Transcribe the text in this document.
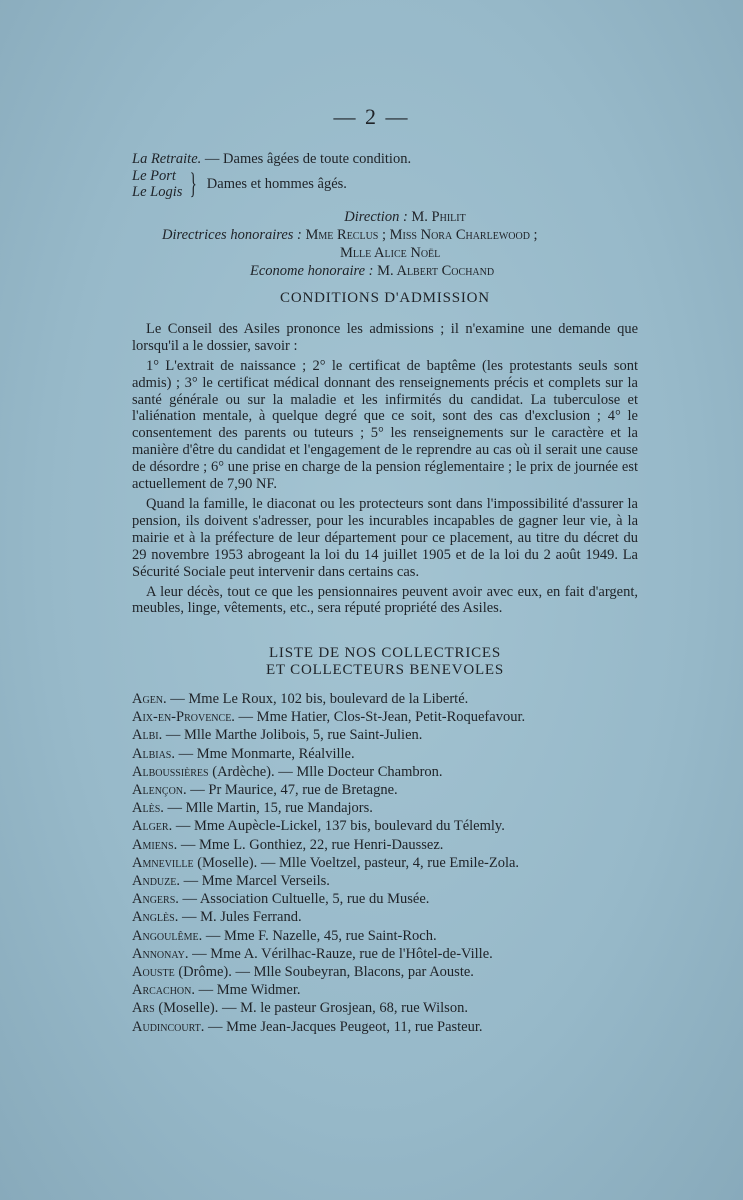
— 2 —
La Retraite. — Dames âgées de toute condition.
Le Port
Le Logis } Dames et hommes âgés.
Direction : M. Philit
Directrices honoraires : Mme Reclus ; Miss Nora Charlewood ;
Mlle Alice Noël
Econome honoraire : M. Albert Cochand
CONDITIONS D'ADMISSION

Le Conseil des Asiles prononce les admissions ; il n'examine une demande que lorsqu'il a le dossier, savoir :

1° L'extrait de naissance ; 2° le certificat de baptême (les protestants seuls sont admis) ; 3° le certificat médical donnant des renseignements précis et complets sur la santé générale ou sur la maladie et les infirmités du candidat. La tuberculose et l'aliénation mentale, à quelque degré que ce soit, sont des cas d'exclusion ; 4° le consentement des parents ou tuteurs ; 5° les renseignements sur le caractère et la manière d'être du candidat et l'engagement de le reprendre au cas où il serait une cause de désordre ; 6° une prise en charge de la pension réglementaire ; le prix de journée est actuellement de 7,90 NF.

Quand la famille, le diaconat ou les protecteurs sont dans l'impossibilité d'assurer la pension, ils doivent s'adresser, pour les incurables incapables de gagner leur vie, à la mairie et à la préfecture de leur département pour ce placement, au titre du décret du 29 novembre 1953 abrogeant la loi du 14 juillet 1905 et de la loi du 2 août 1949. La Sécurité Sociale peut intervenir dans certains cas.

A leur décès, tout ce que les pensionnaires peuvent avoir avec eux, en fait d'argent, meubles, linge, vêtements, etc., sera réputé propriété des Asiles.

LISTE DE NOS COLLECTRICES
ET COLLECTEURS BENEVOLES
Agen. — Mme Le Roux, 102 bis, boulevard de la Liberté.
Aix-en-Provence. — Mme Hatier, Clos-St-Jean, Petit-Roquefavour.
Albi. — Mlle Marthe Jolibois, 5, rue Saint-Julien.
Albias. — Mme Monmarte, Réalville.
Alboussières (Ardèche). — Mlle Docteur Chambron.
Alençon. — Pr Maurice, 47, rue de Bretagne.
Alès. — Mlle Martin, 15, rue Mandajors.
Alger. — Mme Aupècle-Lickel, 137 bis, boulevard du Télemly.
Amiens. — Mme L. Gonthiez, 22, rue Henri-Daussez.
Amneville (Moselle). — Mlle Voeltzel, pasteur, 4, rue Emile-Zola.
Anduze. — Mme Marcel Verseils.
Angers. — Association Cultuelle, 5, rue du Musée.
Anglès. — M. Jules Ferrand.
Angoulême. — Mme F. Nazelle, 45, rue Saint-Roch.
Annonay. — Mme A. Vérilhac-Rauze, rue de l'Hôtel-de-Ville.
Aouste (Drôme). — Mlle Soubeyran, Blacons, par Aouste.
Arcachon. — Mme Widmer.
Ars (Moselle). — M. le pasteur Grosjean, 68, rue Wilson.
Audincourt. — Mme Jean-Jacques Peugeot, 11, rue Pasteur.
